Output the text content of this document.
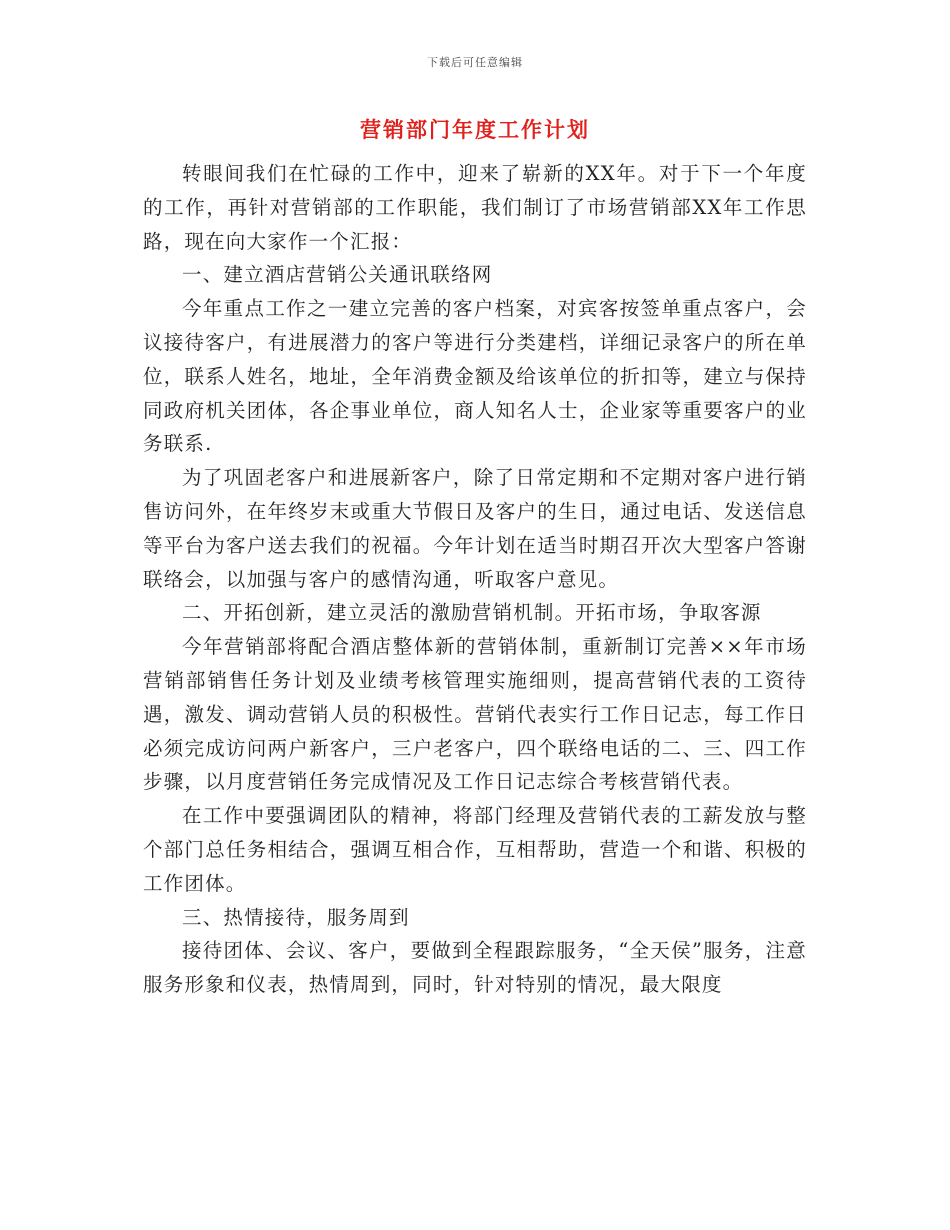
下载后可任意编辑
营销部门年度工作计划

转眼间我们在忙碌的工作中，迎来了崭新的XX年。对于下一个年度的工作，再针对营销部的工作职能，我们制订了市场营销部XX年工作思路，现在向大家作一个汇报：

一、建立酒店营销公关通讯联络网

今年重点工作之一建立完善的客户档案，对宾客按签单重点客户，会议接待客户，有进展潜力的客户等进行分类建档，详细记录客户的所在单位，联系人姓名，地址，全年消费金额及给该单位的折扣等，建立与保持同政府机关团体，各企事业单位，商人知名人士，企业家等重要客户的业务联系.

为了巩固老客户和进展新客户，除了日常定期和不定期对客户进行销售访问外，在年终岁末或重大节假日及客户的生日，通过电话、发送信息等平台为客户送去我们的祝福。今年计划在适当时期召开次大型客户答谢联络会，以加强与客户的感情沟通，听取客户意见。

二、开拓创新，建立灵活的激励营销机制。开拓市场，争取客源

今年营销部将配合酒店整体新的营销体制，重新制订完善××年市场营销部销售任务计划及业绩考核管理实施细则，提高营销代表的工资待遇，激发、调动营销人员的积极性。营销代表实行工作日记志，每工作日必须完成访问两户新客户，三户老客户，四个联络电话的二、三、四工作步骤，以月度营销任务完成情况及工作日记志综合考核营销代表。

在工作中要强调团队的精神，将部门经理及营销代表的工薪发放与整个部门总任务相结合，强调互相合作，互相帮助，营造一个和谐、积极的工作团体。

三、热情接待，服务周到

接待团体、会议、客户，要做到全程跟踪服务，“全天侯”服务，注意服务形象和仪表，热情周到，同时，针对特别的情况，最大限度
